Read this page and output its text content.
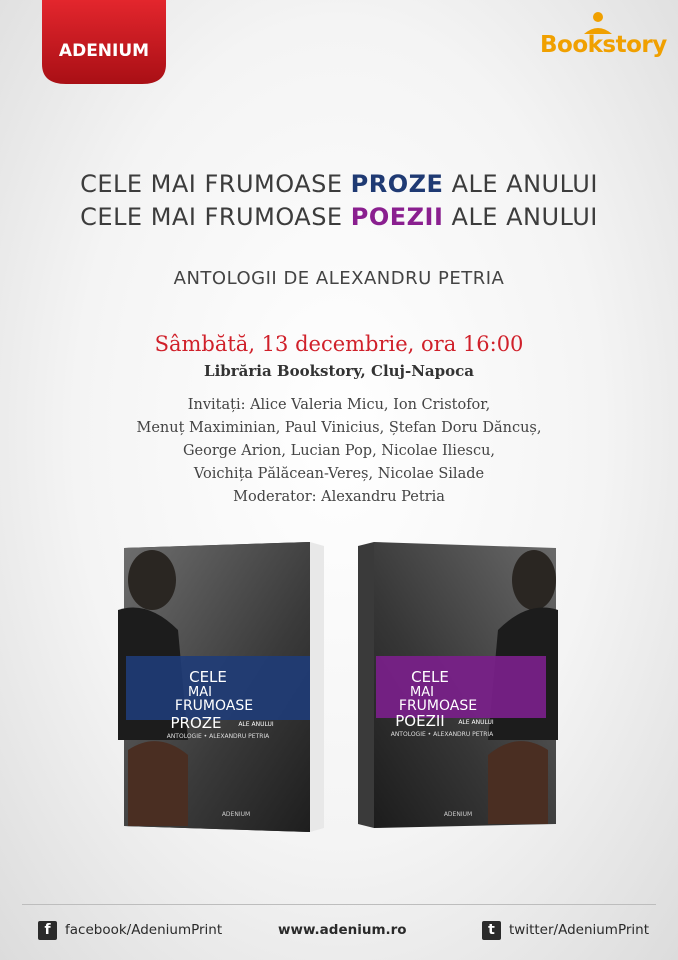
ADENIUM	Bookstory
CELE MAI FRUMOASE PROZE ALE ANULUI
CELE MAI FRUMOASE POEZII ALE ANULUI
ANTOLOGII DE ALEXANDRU PETRIA
Sâmbătă, 13 decembrie, ora 16:00
Librăria Bookstory, Cluj-Napoca
Invitați: Alice Valeria Micu, Ion Cristofor,
Menuț Maximinian, Paul Vinicius, Ștefan Doru Dăncuș,
George Arion, Lucian Pop, Nicolae Iliescu,
Voichița Pălăcean-Vereș, Nicolae Silade
Moderator: Alexandru Petria
CELE
MAI
FRUMOASE
PROZE	ALE ANULUI
ANTOLOGIE • ALEXANDRU PETRIA
ADENIUM
CELE
MAI
FRUMOASE
POEZII ALE ANULUI
ANTOLOGIE • ALEXANDRU PETRIA
ADENIUM
f	facebook/AdeniumPrint	www.adenium.ro	t	twitter/AdeniumPrint
